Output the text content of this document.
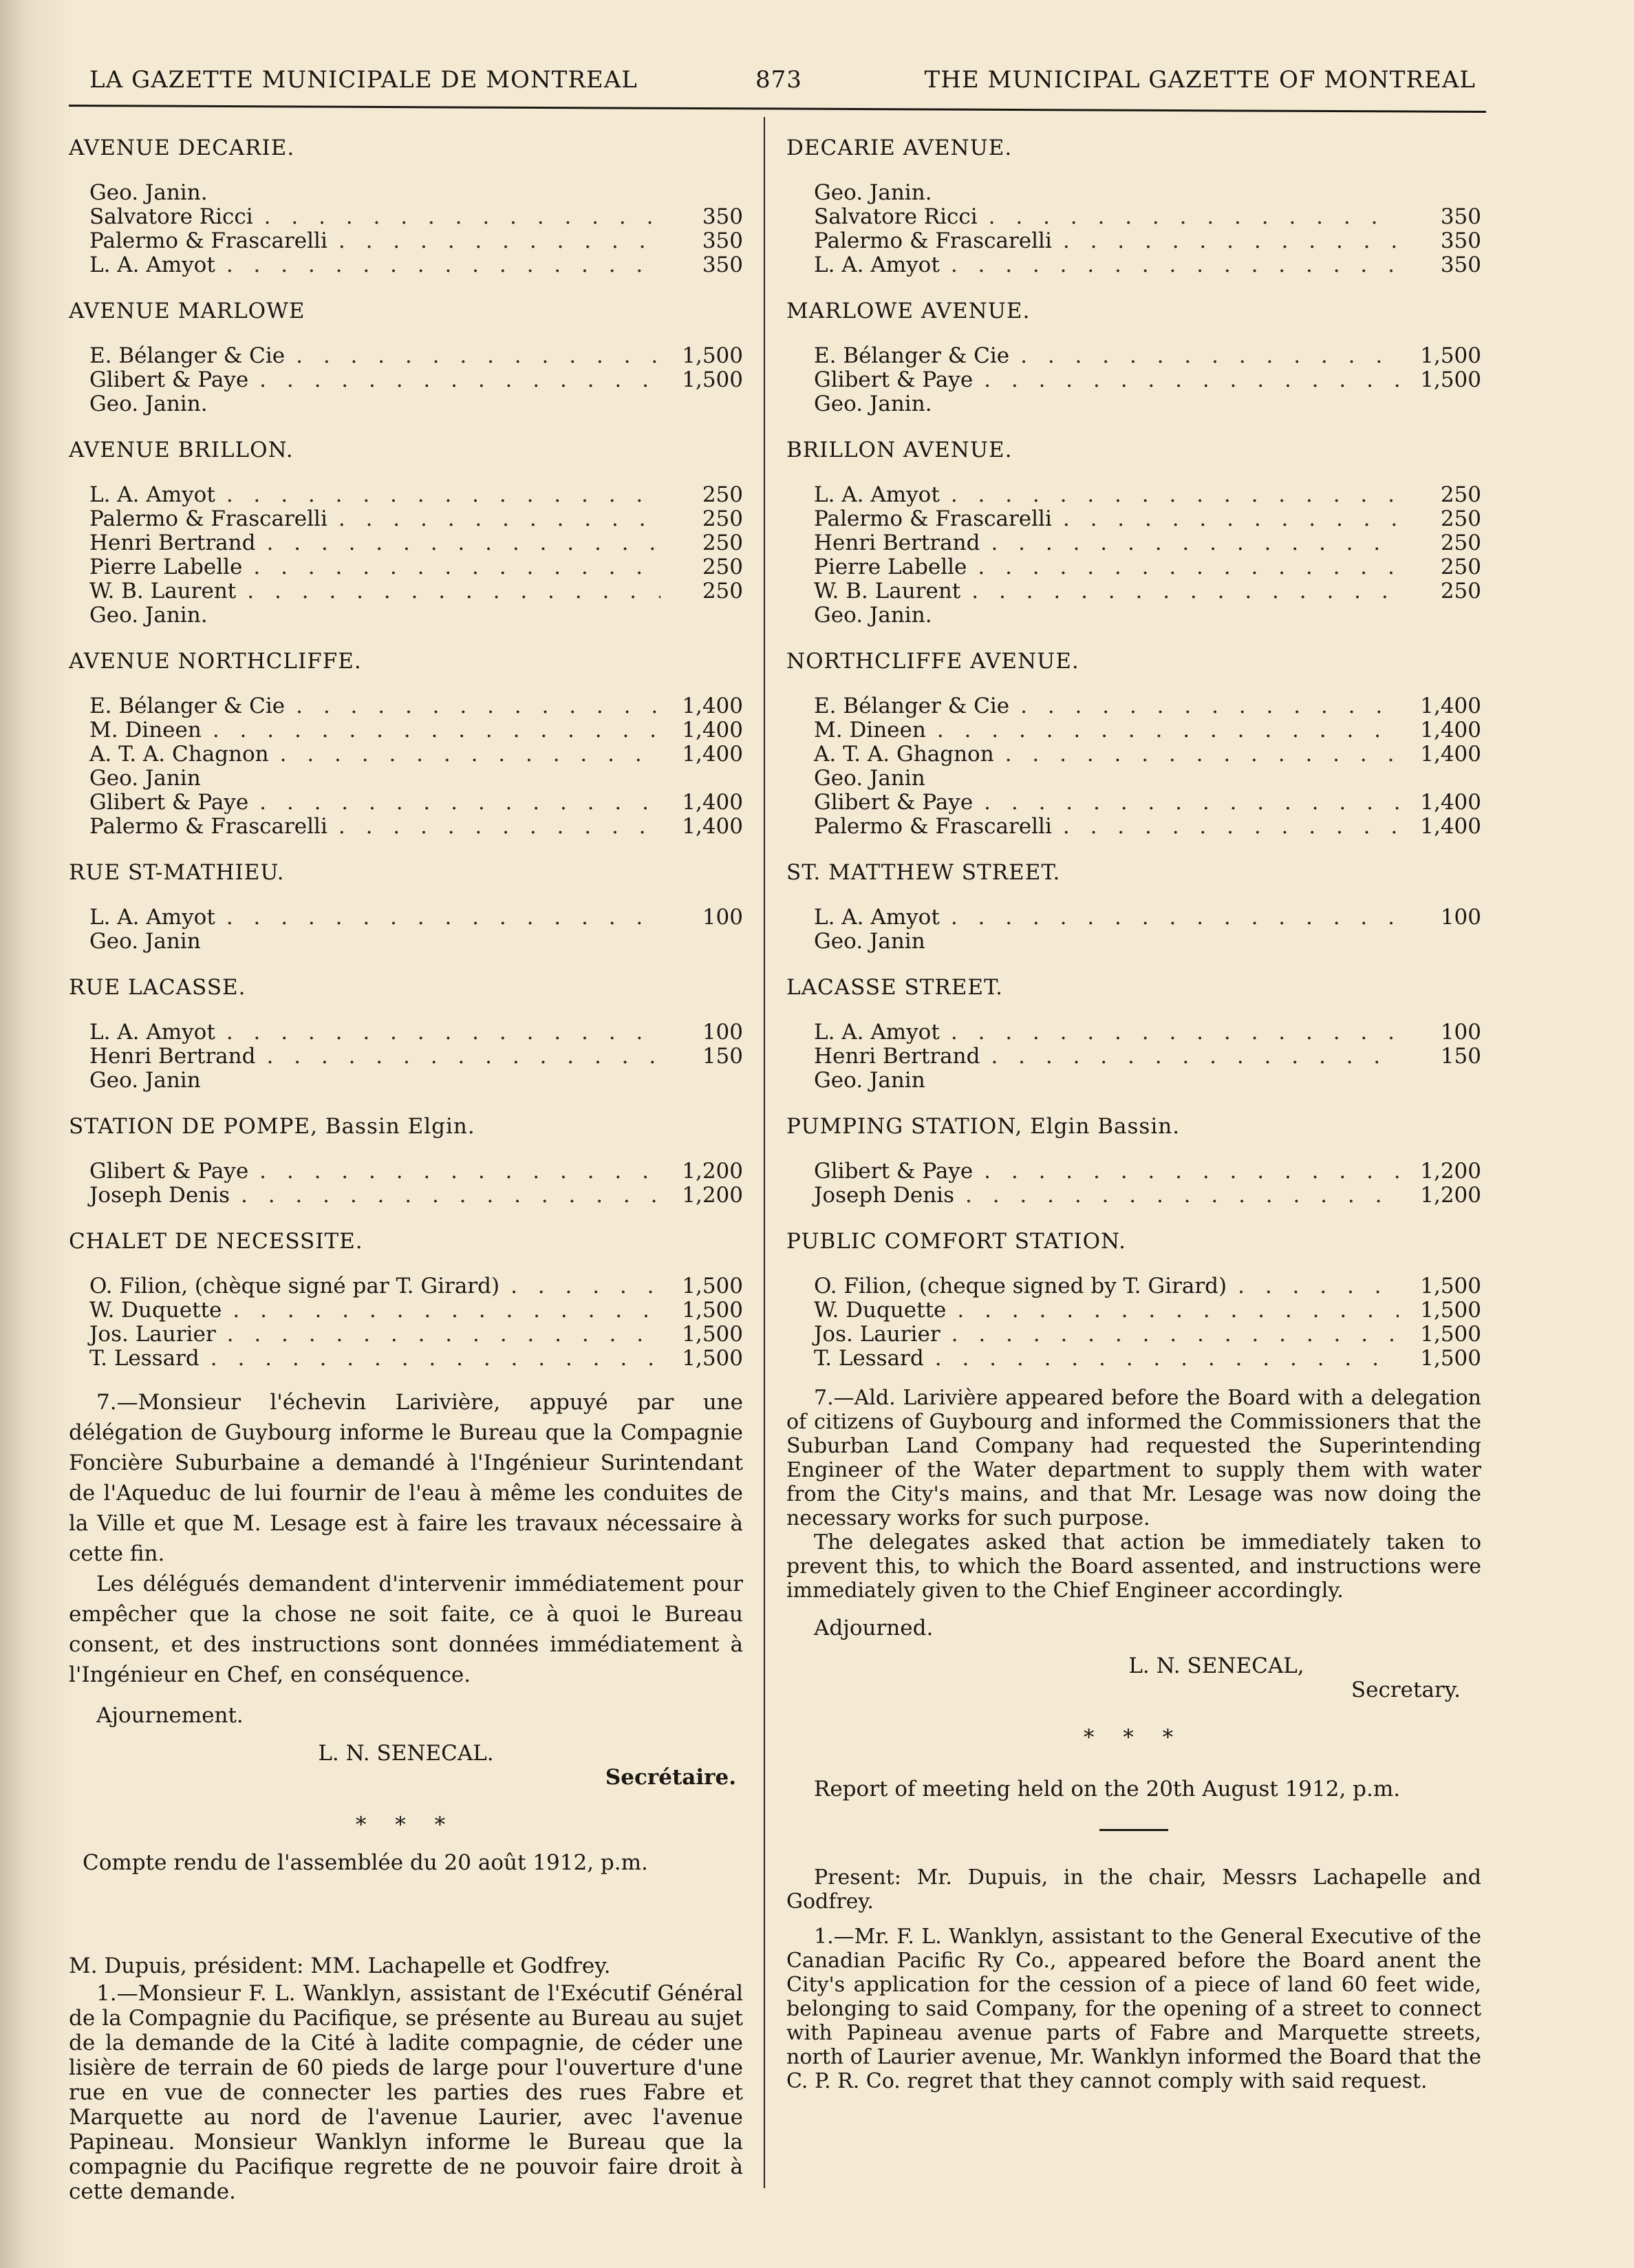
LA GAZETTE MUNICIPALE DE MONTREAL	873	THE MUNICIPAL GAZETTE OF MONTREAL
AVENUE DECARIE.
Geo. Janin.
Salvatore Ricci . . .	350
Palermo & Frascarelli . . .	350
L. A. Amyot . . .	350
AVENUE MARLOWE
E. Bélanger & Cie . . .	1,500
Glibert & Paye . . .	1,500
Geo. Janin.
AVENUE BRILLON.
L. A. Amyot . . .	250
Palermo & Frascarelli . . .	250
Henri Bertrand . . .	250
Pierre Labelle . . .	250
W. B. Laurent . . .	250
Geo. Janin.
AVENUE NORTHCLIFFE.
E. Bélanger & Cie . . .	1,400
M. Dineen . . .	1,400
A. T. A. Chagnon . . .	1,400
Geo. Janin
Glibert & Paye . . .	1,400
Palermo & Frascarelli . . .	1,400
RUE ST-MATHIEU.
L. A. Amyot . . .	100
Geo. Janin
RUE LACASSE.
L. A. Amyot . . .	100
Henri Bertrand . . .	150
Geo. Janin
STATION DE POMPE, Bassin Elgin.
Glibert & Paye . . .	1,200
Joseph Denis . . .	1,200
CHALET DE NECESSITE.
O. Filion, (chèque signé par T. Girard) . . .	1,500
W. Duquette . . .	1,500
Jos. Laurier . . .	1,500
T. Lessard . . .	1,500

7.—Monsieur l'échevin Larivière, appuyé par une délégation de Guybourg informe le Bureau que la Compagnie Foncière Suburbaine a demandé à l'Ingénieur Surintendant de l'Aqueduc de lui fournir de l'eau à même les conduites de la Ville et que M. Lesage est à faire les travaux nécessaire à cette fin.

Les délégués demandent d'intervenir immédiatement pour empêcher que la chose ne soit faite, ce à quoi le Bureau consent, et des instructions sont données immédiatement à l'Ingénieur en Chef, en conséquence.

Ajournement.
L. N. SENECAL.
Secrétaire.
* * *
Compte rendu de l'assemblée du 20 août 1912, p.m.

M. Dupuis, président: MM. Lachapelle et Godfrey.

1.—Monsieur F. L. Wanklyn, assistant de l'Exécutif Général de la Compagnie du Pacifique, se présente au Bureau au sujet de la demande de la Cité à ladite compagnie, de céder une lisière de terrain de 60 pieds de large pour l'ouverture d'une rue en vue de connecter les parties des rues Fabre et Marquette au nord de l'avenue Laurier, avec l'avenue Papineau. Monsieur Wanklyn informe le Bureau que la compagnie du Pacifique regrette de ne pouvoir faire droit à cette demande.

DECARIE AVENUE.
Geo. Janin.
Salvatore Ricci . . .	350
Palermo & Frascarelli . . .	350
L. A. Amyot . . .	350
MARLOWE AVENUE.
E. Bélanger & Cie . . .	1,500
Glibert & Paye . . .	1,500
Geo. Janin.
BRILLON AVENUE.
L. A. Amyot . . .	250
Palermo & Frascarelli . . .	250
Henri Bertrand . . .	250
Pierre Labelle . . .	250
W. B. Laurent . . .	250
Geo. Janin.
NORTHCLIFFE AVENUE.
E. Bélanger & Cie . . .	1,400
M. Dineen . . .	1,400
A. T. A. Ghagnon . . .	1,400
Geo. Janin
Glibert & Paye . . .	1,400
Palermo & Frascarelli . . .	1,400
ST. MATTHEW STREET.
L. A. Amyot . . .	100
Geo. Janin
LACASSE STREET.
L. A. Amyot . . .	100
Henri Bertrand . . .	150
Geo. Janin
PUMPING STATION, Elgin Bassin.
Glibert & Paye . . .	1,200
Joseph Denis . . .	1,200
PUBLIC COMFORT STATION.
O. Filion, (cheque signed by T. Girard) . . .	1,500
W. Duquette . . .	1,500
Jos. Laurier . . .	1,500
T. Lessard . . .	1,500

7.—Ald. Larivière appeared before the Board with a delegation of citizens of Guybourg and informed the Commissioners that the Suburban Land Company had requested the Superintending Engineer of the Water department to supply them with water from the City's mains, and that Mr. Lesage was now doing the necessary works for such purpose.

The delegates asked that action be immediately taken to prevent this, to which the Board assented, and instructions were immediately given to the Chief Engineer accordingly.

Adjourned.
L. N. SENECAL,
Secretary.
* * *
Report of meeting held on the 20th August 1912, p.m.

Present: Mr. Dupuis, in the chair, Messrs Lachapelle and Godfrey.

1.—Mr. F. L. Wanklyn, assistant to the General Executive of the Canadian Pacific Ry Co., appeared before the Board anent the City's application for the cession of a piece of land 60 feet wide, belonging to said Company, for the opening of a street to connect with Papineau avenue parts of Fabre and Marquette streets, north of Laurier avenue, Mr. Wanklyn informed the Board that the C. P. R. Co. regret that they cannot comply with said request.
